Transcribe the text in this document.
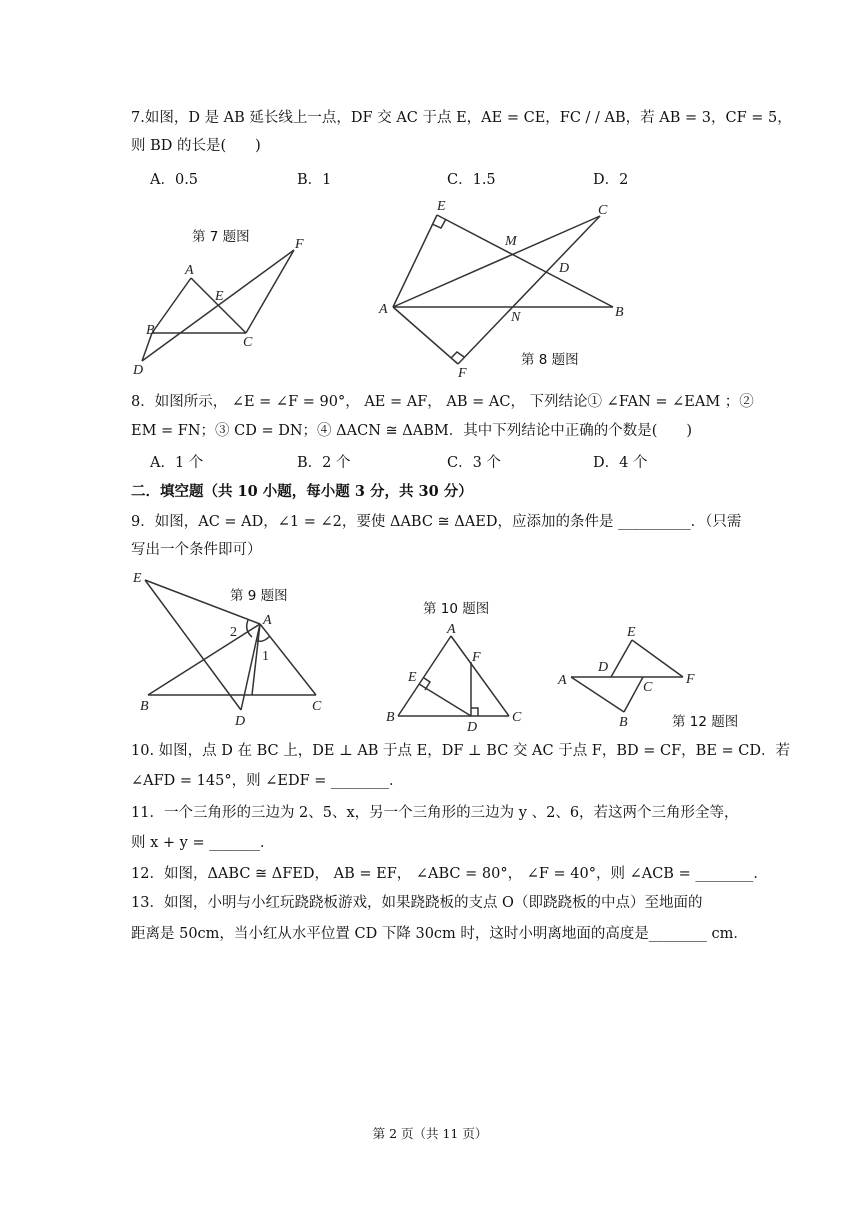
7.如图，D 是 AB 延长线上一点，DF 交 AC 于点 E，AE = CE，FC / / AB，若 AB = 3，CF = 5，
则 BD 的长是(　　)
A．0.5	B．1	C．1.5	D．2
第 7 题图
A
E
F
B
C
D
第 8 题图
E	C
M
D
A
N	B
F
8．如图所示， ∠E = ∠F = 90°， AE = AF， AB = AC， 下列结论① ∠FAN = ∠EAM ；②
EM = FN；③ CD = DN；④ ΔACN ≅ ΔABM．其中下列结论中正确的个数是(　　)
A．1 个	B．2 个	C．3 个	D．4 个
二．填空题（共 10 小题，每小题 3 分，共 30 分）
9．如图，AC = AD，∠1 = ∠2，要使 ΔABC ≅ ΔAED，应添加的条件是 __________．（只需
写出一个条件即可）
第 9 题图
E
A
2
1
B
D
C
第 10 题图
A
F
E
B
D
C
E
D
A	C
F
B	第 12 题图
10. 如图，点 D 在 BC 上，DE ⊥ AB 于点 E，DF ⊥ BC 交 AC 于点 F，BD = CF，BE = CD．若
∠AFD = 145°，则 ∠EDF = ________．
11．一个三角形的三边为 2、5、x，另一个三角形的三边为 y 、2、6，若这两个三角形全等，
则 x + y = _______．
12．如图，ΔABC ≅ ΔFED， AB = EF， ∠ABC = 80°， ∠F = 40°，则 ∠ACB = ________．
13．如图，小明与小红玩跷跷板游戏，如果跷跷板的支点 O（即跷跷板的中点）至地面的
距离是 50cm，当小红从水平位置 CD 下降 30cm 时，这时小明离地面的高度是________ cm．
第 2 页（共 11 页）
